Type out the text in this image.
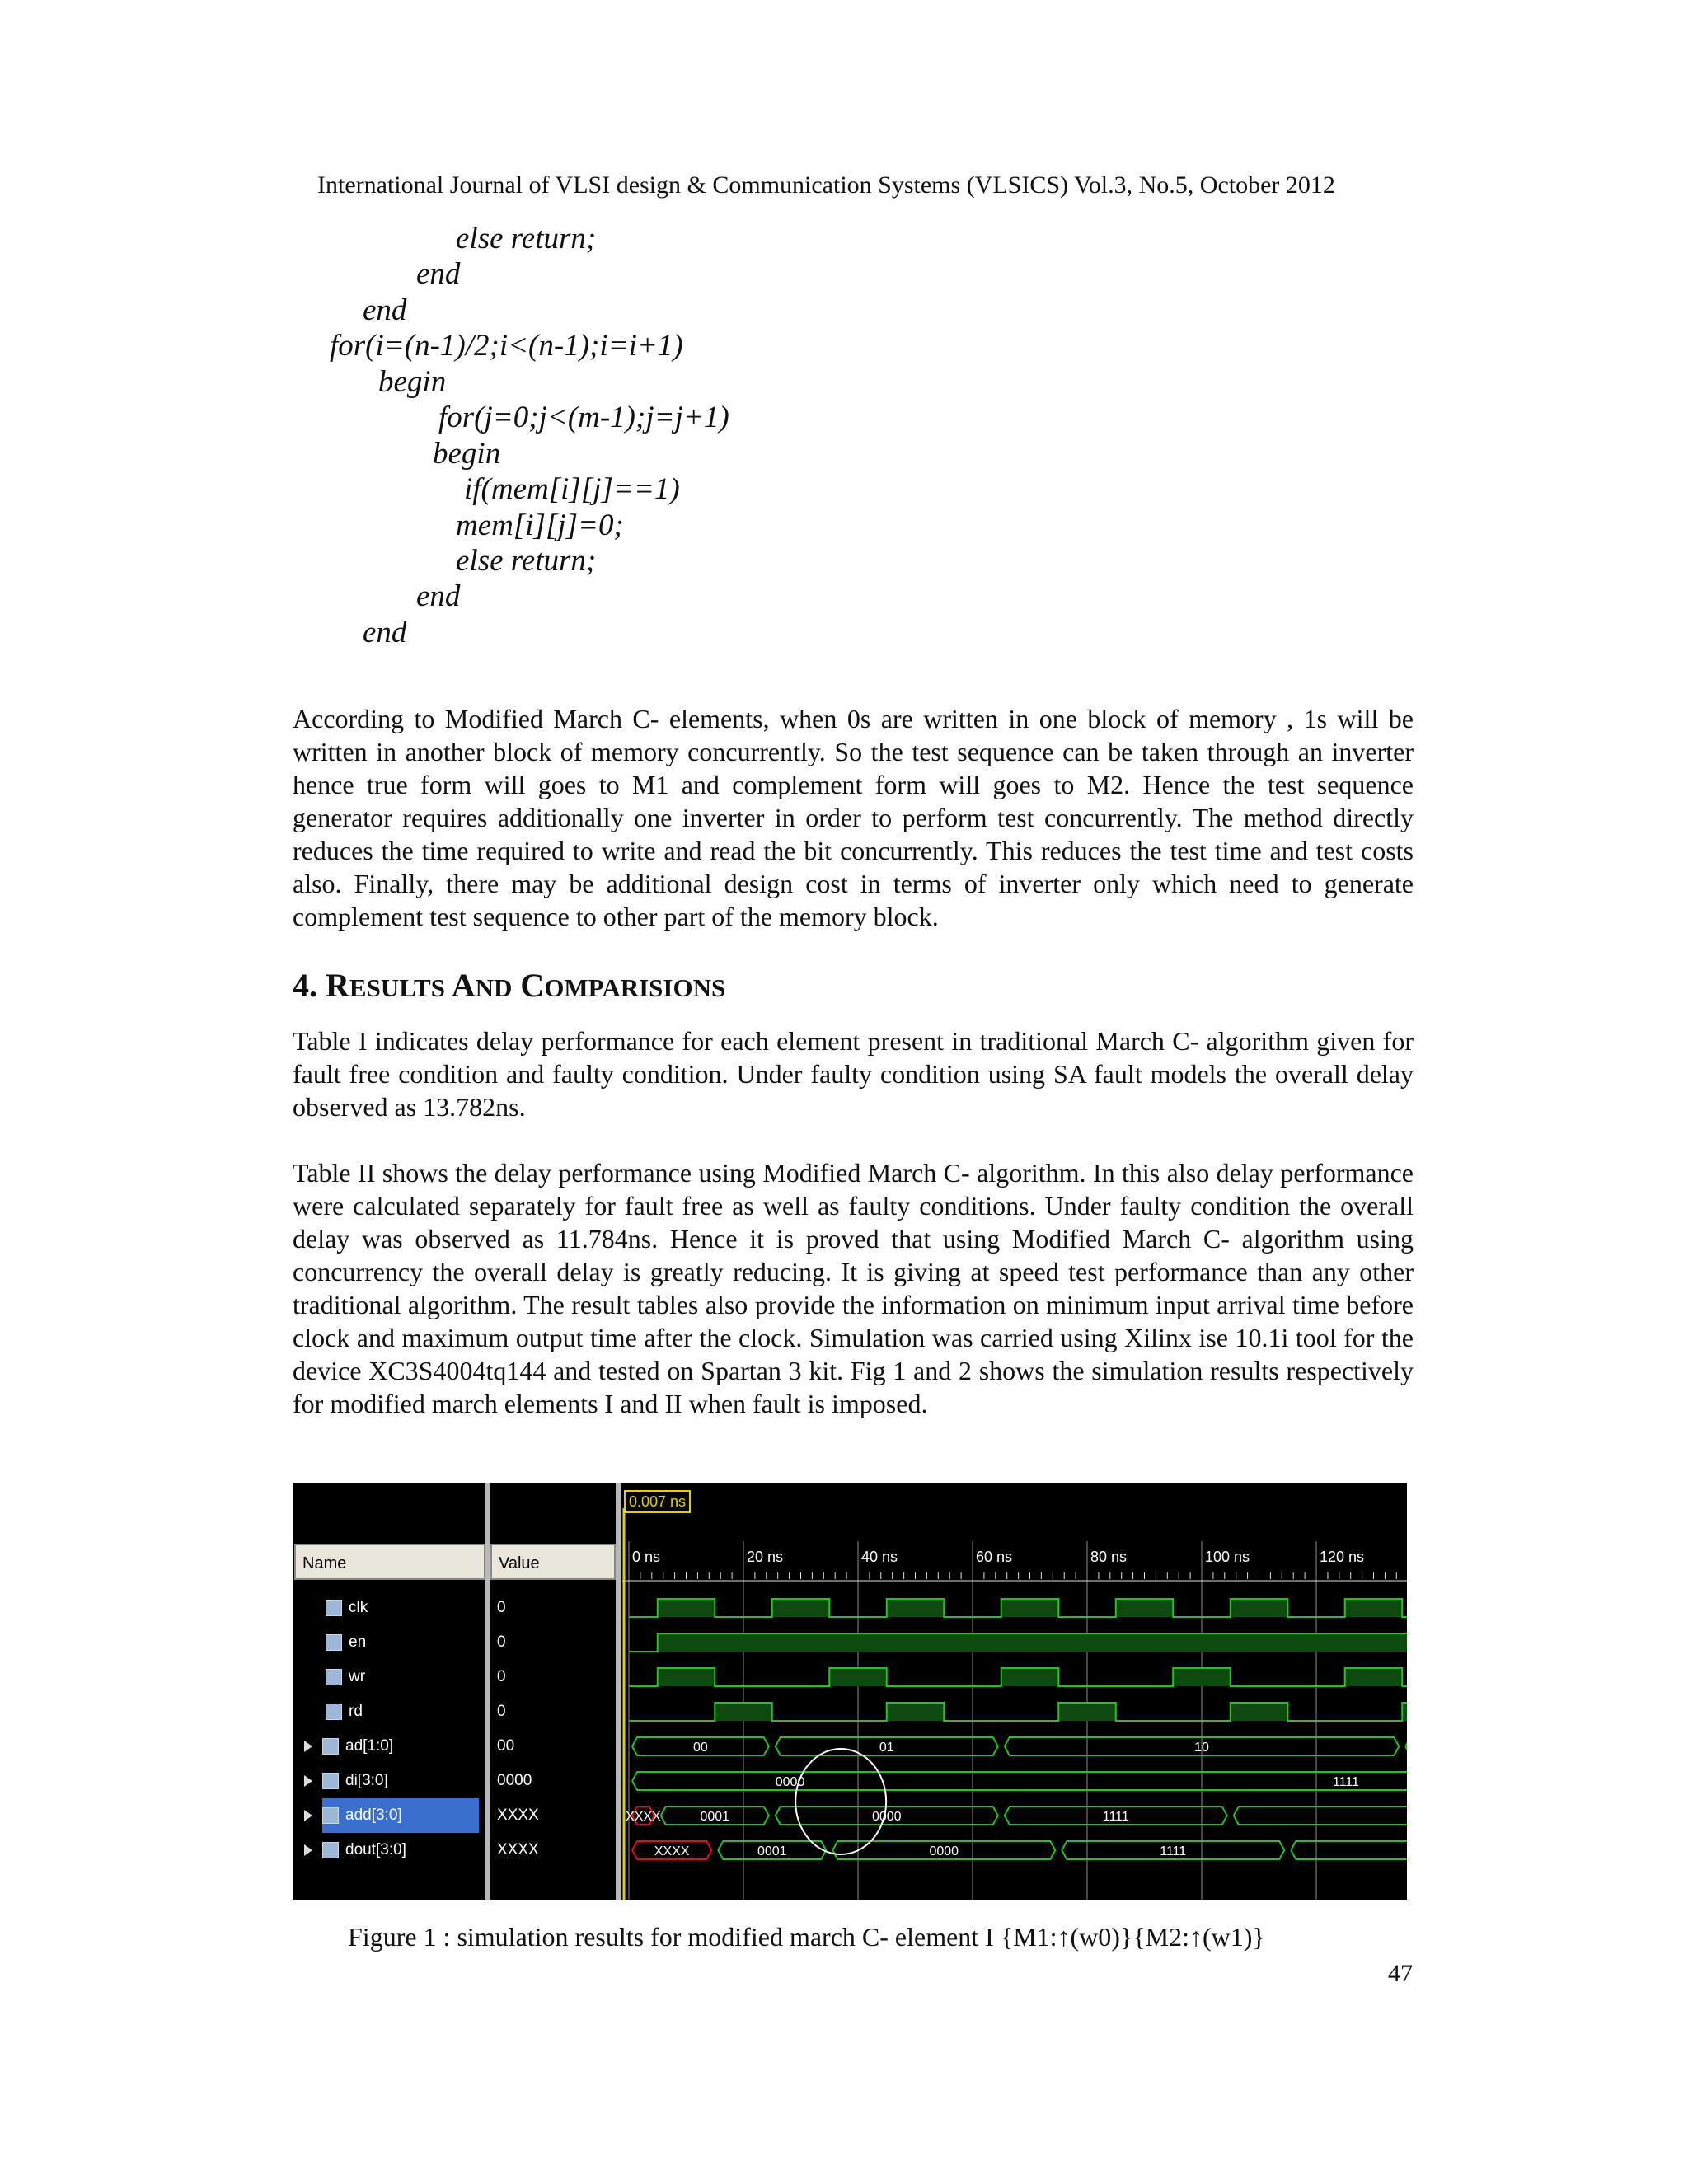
International Journal of VLSI design & Communication Systems (VLSICS) Vol.3, No.5, October 2012
else return;
end
end
for(i=(n-1)/2;i<(n-1);i=i+1)
begin
for(j=0;j<(m-1);j=j+1)
begin
if(mem[i][j]==1)
mem[i][j]=0;
else return;
end
end

According to Modified March C- elements, when 0s are written in one block of memory , 1s will be written in another block of memory concurrently. So the test sequence can be taken through an inverter hence true form will goes to M1 and complement form will goes to M2. Hence the test sequence generator requires additionally one inverter in order to perform test concurrently. The method directly reduces the time required to write and read the bit concurrently. This reduces the test time and test costs also. Finally, there may be additional design cost in terms of inverter only which need to generate complement test sequence to other part of the memory block.

4. RESULTS AND COMPARISIONS

Table I indicates delay performance for each element present in traditional March C- algorithm given for fault free condition and faulty condition. Under faulty condition using SA fault models the overall delay observed as 13.782ns.

Table II shows the delay performance using Modified March C- algorithm. In this also delay performance were calculated separately for fault free as well as faulty conditions. Under faulty condition the overall delay was observed as 11.784ns. Hence it is proved that using Modified March C- algorithm using concurrency the overall delay is greatly reducing. It is giving at speed test performance than any other traditional algorithm. The result tables also provide the information on minimum input arrival time before clock and maximum output time after the clock. Simulation was carried using Xilinx ise 10.1i tool for the device XC3S4004tq144 and tested on Spartan 3 kit. Fig 1 and 2 shows the simulation results respectively for modified march elements I and II when fault is imposed.

Name	Value
0.007 ns
0 ns	20 ns	40 ns	60 ns	80 ns	100 ns	120 ns
00	01	10
0000	1111
XXXX	0001	0000	1111
XXXX	0001	0000	1111
clk	0
en	0
wr	0
rd	0
ad[1:0]	00
di[3:0]	0000
add[3:0]	XXXX
dout[3:0]	XXXX
Figure 1 : simulation results for modified march C- element I {M1:↑(w0)}{M2:↑(w1)}
47
